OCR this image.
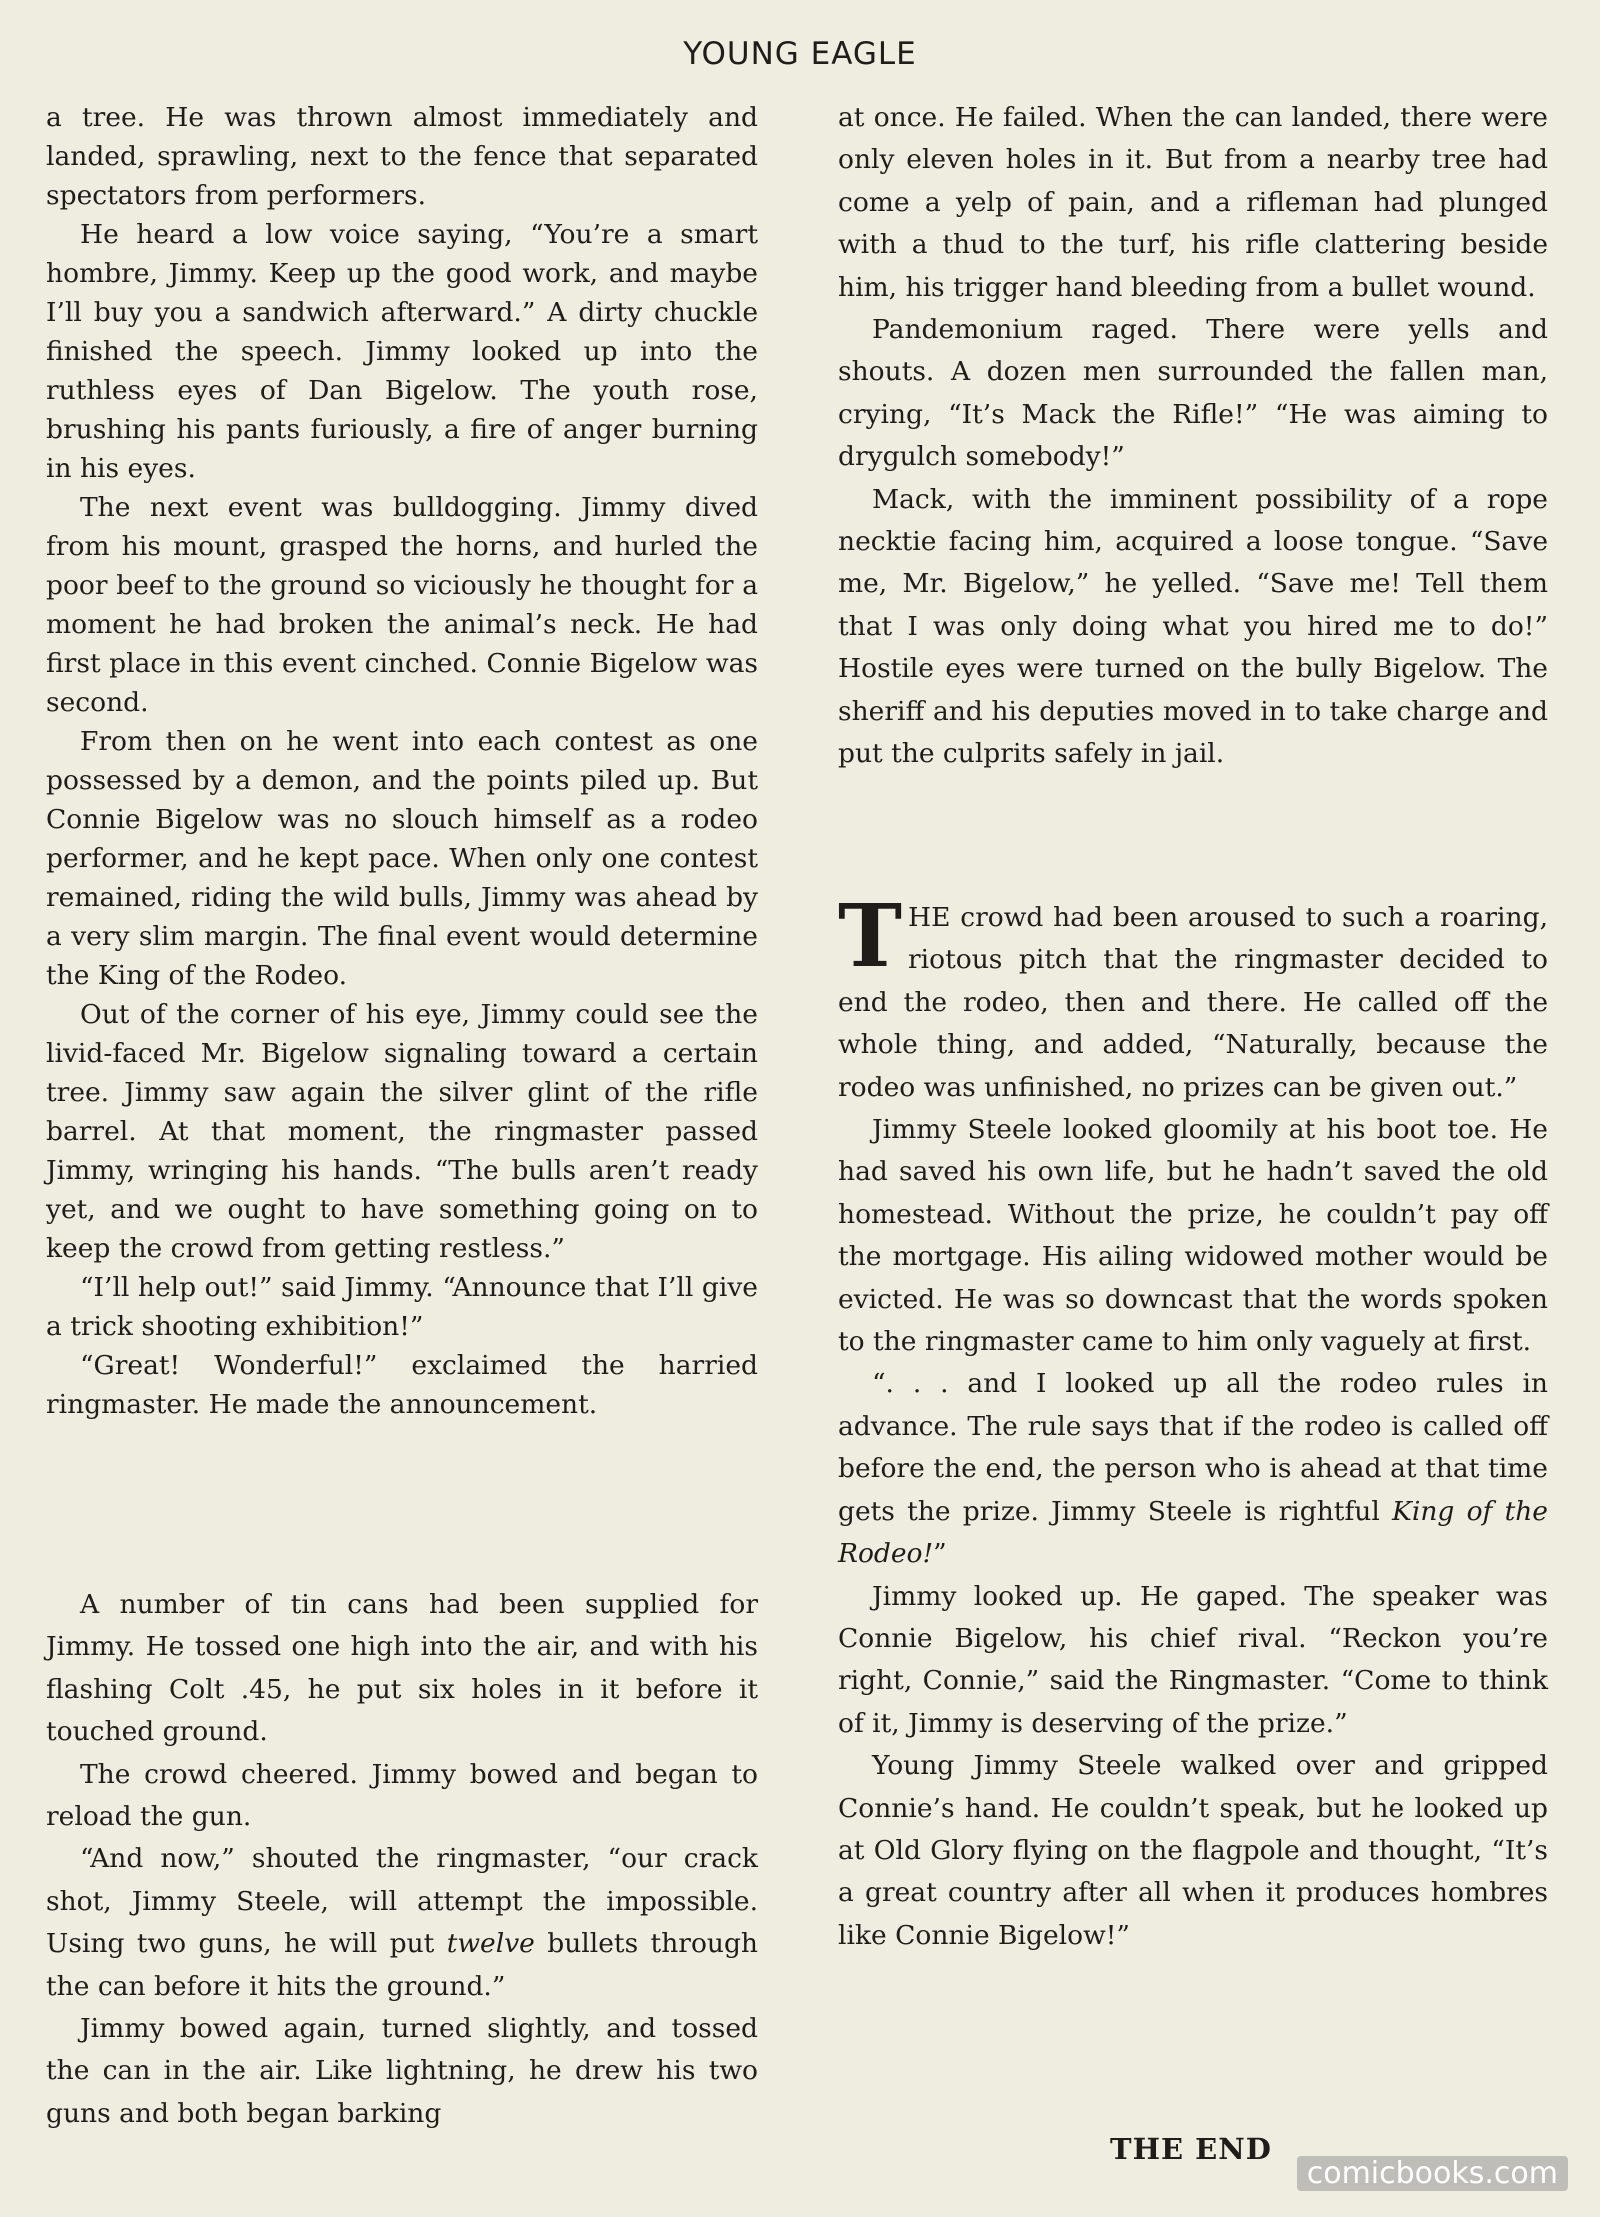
YOUNG EAGLE

a tree. He was thrown almost immediately and landed, sprawling, next to the fence that separated spectators from performers.

He heard a low voice saying, “You’re a smart hombre, Jimmy. Keep up the good work, and maybe I’ll buy you a sandwich afterward.” A dirty chuckle finished the speech. Jimmy looked up into the ruthless eyes of Dan Bigelow. The youth rose, brushing his pants furiously, a fire of anger burning in his eyes.

The next event was bulldogging. Jimmy dived from his mount, grasped the horns, and hurled the poor beef to the ground so viciously he thought for a moment he had broken the animal’s neck. He had first place in this event cinched. Connie Bigelow was second.

From then on he went into each contest as one possessed by a demon, and the points piled up. But Connie Bigelow was no slouch himself as a rodeo performer, and he kept pace. When only one contest remained, riding the wild bulls, Jimmy was ahead by a very slim margin. The final event would determine the King of the Rodeo.

Out of the corner of his eye, Jimmy could see the livid-faced Mr. Bigelow signaling toward a certain tree. Jimmy saw again the silver glint of the rifle barrel. At that moment, the ringmaster passed Jimmy, wringing his hands. “The bulls aren’t ready yet, and we ought to have something going on to keep the crowd from getting restless.”

“I’ll help out!” said Jimmy. “Announce that I’ll give a trick shooting exhibition!”

“Great! Wonderful!” exclaimed the harried ringmaster. He made the announcement.

A number of tin cans had been supplied for Jimmy. He tossed one high into the air, and with his flashing Colt .45, he put six holes in it before it touched ground.

The crowd cheered. Jimmy bowed and began to reload the gun.

“And now,” shouted the ringmaster, “our crack shot, Jimmy Steele, will attempt the impossible. Using two guns, he will put twelve bullets through the can before it hits the ground.”

Jimmy bowed again, turned slightly, and tossed the can in the air. Like lightning, he drew his two guns and both began barking

at once. He failed. When the can landed, there were only eleven holes in it. But from a nearby tree had come a yelp of pain, and a rifleman had plunged with a thud to the turf, his rifle clattering beside him, his trigger hand bleeding from a bullet wound.

Pandemonium raged. There were yells and shouts. A dozen men surrounded the fallen man, crying, “It’s Mack the Rifle!” “He was aiming to drygulch somebody!”

Mack, with the imminent possibility of a rope necktie facing him, acquired a loose tongue. “Save me, Mr. Bigelow,” he yelled. “Save me! Tell them that I was only doing what you hired me to do!” Hostile eyes were turned on the bully Bigelow. The sheriff and his deputies moved in to take charge and put the culprits safely in jail.

THE crowd had been aroused to such a roaring, riotous pitch that the ringmaster decided to end the rodeo, then and there. He called off the whole thing, and added, “Naturally, because the rodeo was unfinished, no prizes can be given out.”

Jimmy Steele looked gloomily at his boot toe. He had saved his own life, but he hadn’t saved the old homestead. Without the prize, he couldn’t pay off the mortgage. His ailing widowed mother would be evicted. He was so downcast that the words spoken to the ringmaster came to him only vaguely at first.

“. . . and I looked up all the rodeo rules in advance. The rule says that if the rodeo is called off before the end, the person who is ahead at that time gets the prize. Jimmy Steele is rightful King of the Rodeo!”

Jimmy looked up. He gaped. The speaker was Connie Bigelow, his chief rival. “Reckon you’re right, Connie,” said the Ringmaster. “Come to think of it, Jimmy is deserving of the prize.”

Young Jimmy Steele walked over and gripped Connie’s hand. He couldn’t speak, but he looked up at Old Glory flying on the flagpole and thought, “It’s a great country after all when it produces hombres like Connie Bigelow!”

THE END
comicbooks.com
